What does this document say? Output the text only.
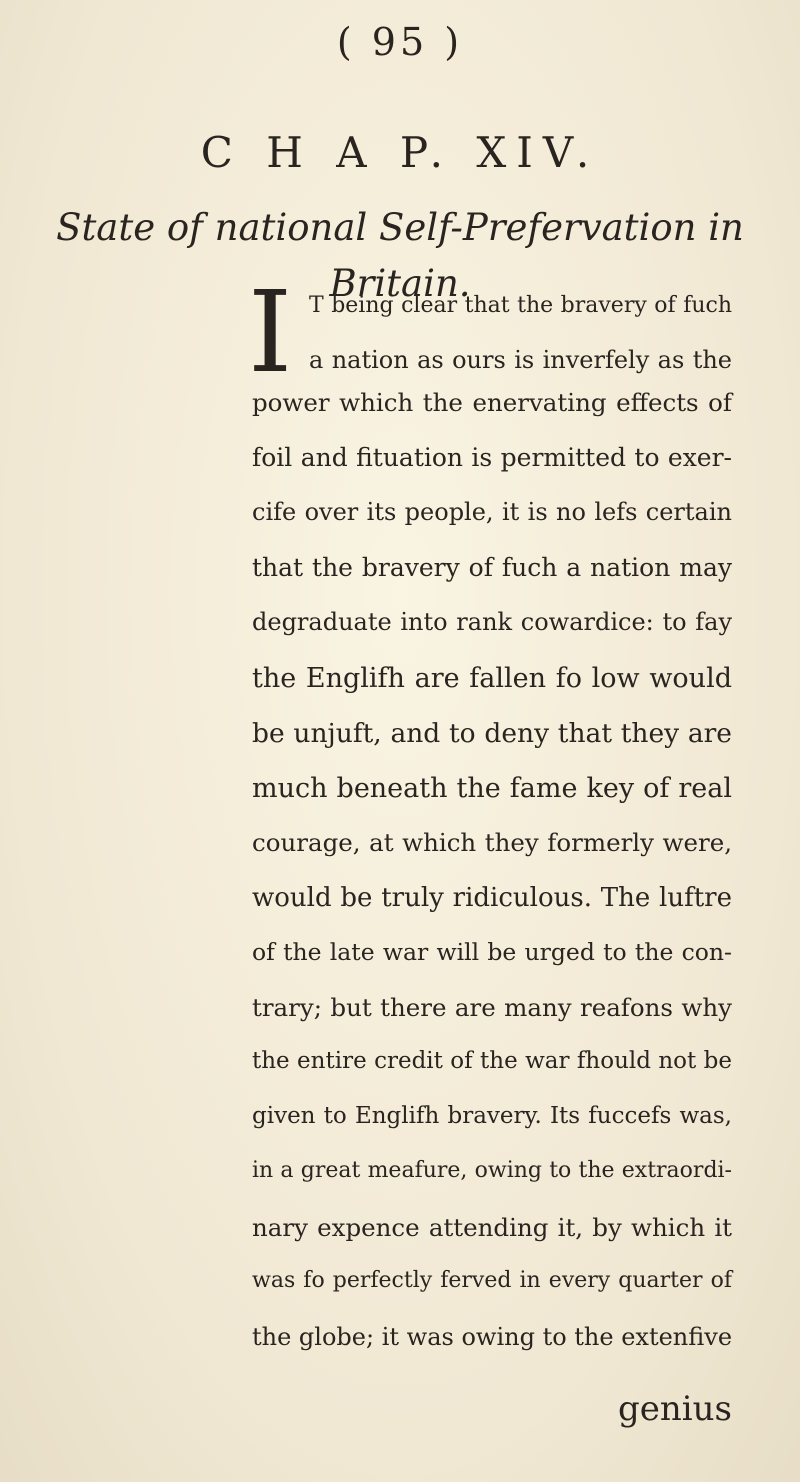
( 95 )
C H A P. XIV.
State of national Self-Prefervation in
Britain.
I T being clear that the bravery of fuch
a nation as ours is inverfely as the
power which the enervating effects of
foil and fituation is permitted to exer-
cife over its people, it is no lefs certain
that the bravery of fuch a nation may
degraduate into rank cowardice: to fay
the Englifh are fallen fo low would
be unjuft, and to deny that they are
much beneath the fame key of real
courage, at which they formerly were,
would be truly ridiculous. The luftre
of the late war will be urged to the con-
trary; but there are many reafons why
the entire credit of the war fhould not be
given to Englifh bravery. Its fuccefs was,
in a great meafure, owing to the extraordi-
nary expence attending it, by which it
was fo perfectly ferved in every quarter of
the globe; it was owing to the extenfive
genius
